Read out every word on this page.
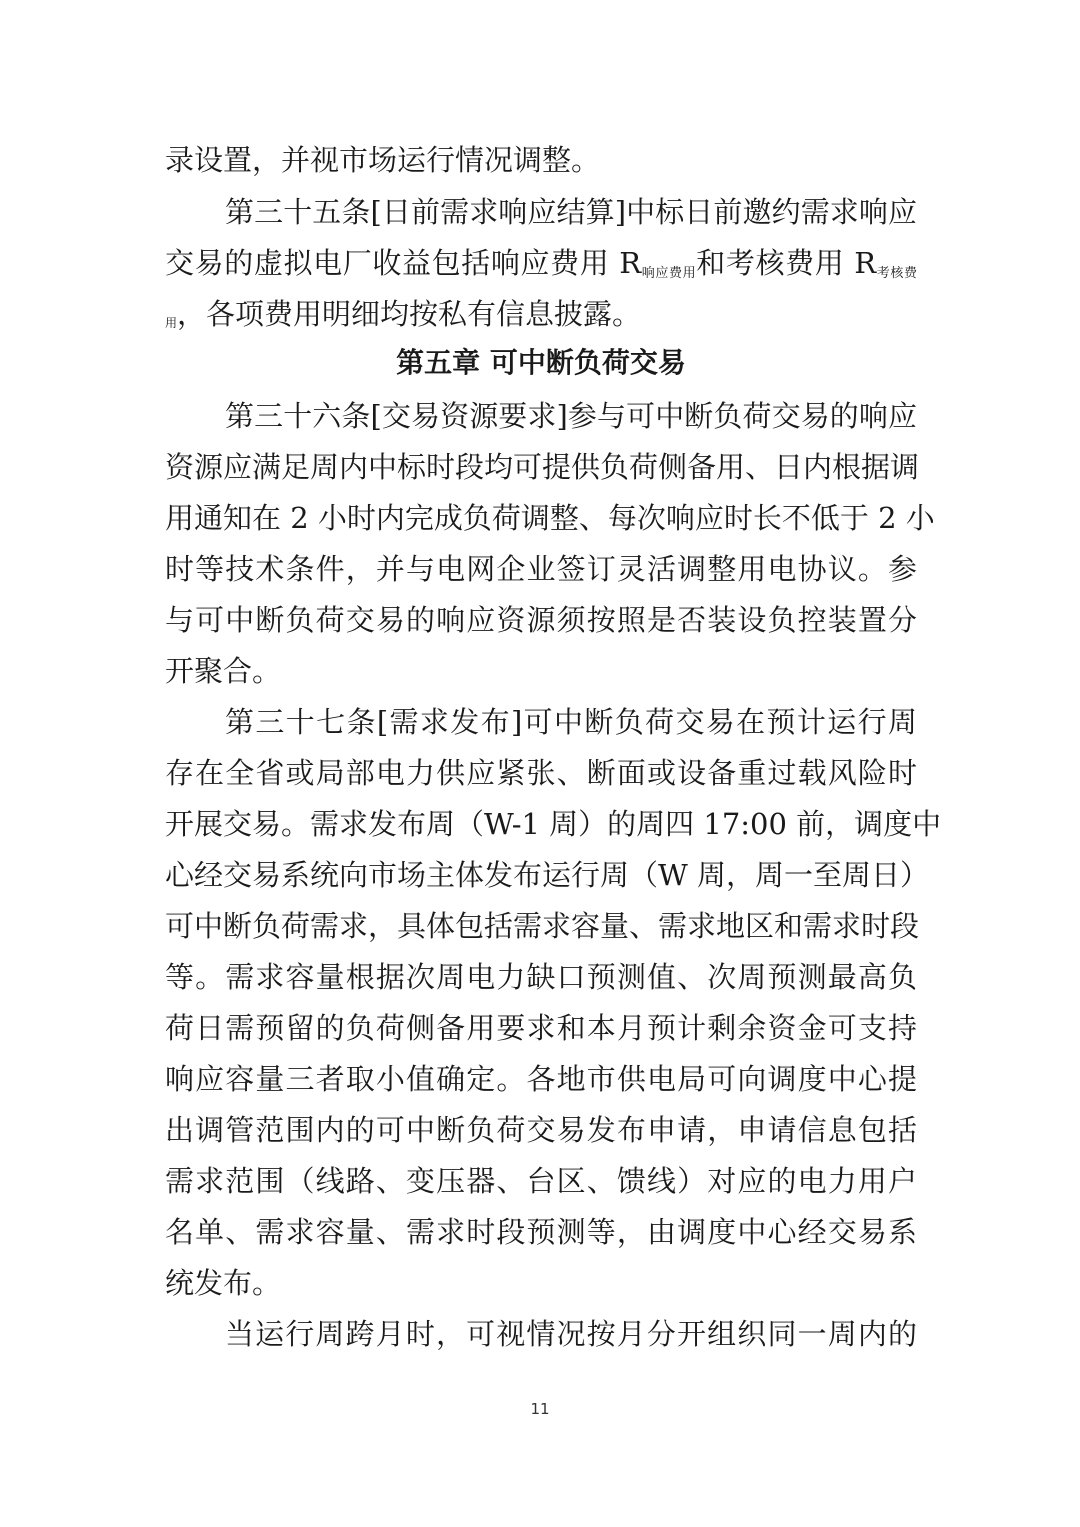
录设置，并视市场运行情况调整。
第三十五条[日前需求响应结算]中标日前邀约需求响应
交易的虚拟电厂收益包括响应费用 $R_{响应费用}$和考核费用 $R_{考核费}$
$_用$，各项费用明细均按私有信息披露。
第五章 可中断负荷交易
第三十六条[交易资源要求]参与可中断负荷交易的响应
资源应满足周内中标时段均可提供负荷侧备用、日内根据调
用通知在 2 小时内完成负荷调整、每次响应时长不低于 2 小
时等技术条件，并与电网企业签订灵活调整用电协议。参
与可中断负荷交易的响应资源须按照是否装设负控装置分
开聚合。
第三十七条[需求发布]可中断负荷交易在预计运行周
存在全省或局部电力供应紧张、断面或设备重过载风险时
开展交易。需求发布周（W-1 周）的周四 17:00 前，调度中
心经交易系统向市场主体发布运行周（W 周，周一至周日）
可中断负荷需求，具体包括需求容量、需求地区和需求时段
等。需求容量根据次周电力缺口预测值、次周预测最高负
荷日需预留的负荷侧备用要求和本月预计剩余资金可支持
响应容量三者取小值确定。各地市供电局可向调度中心提
出调管范围内的可中断负荷交易发布申请，申请信息包括
需求范围（线路、变压器、台区、馈线）对应的电力用户
名单、需求容量、需求时段预测等，由调度中心经交易系
统发布。
当运行周跨月时，可视情况按月分开组织同一周内的
11
